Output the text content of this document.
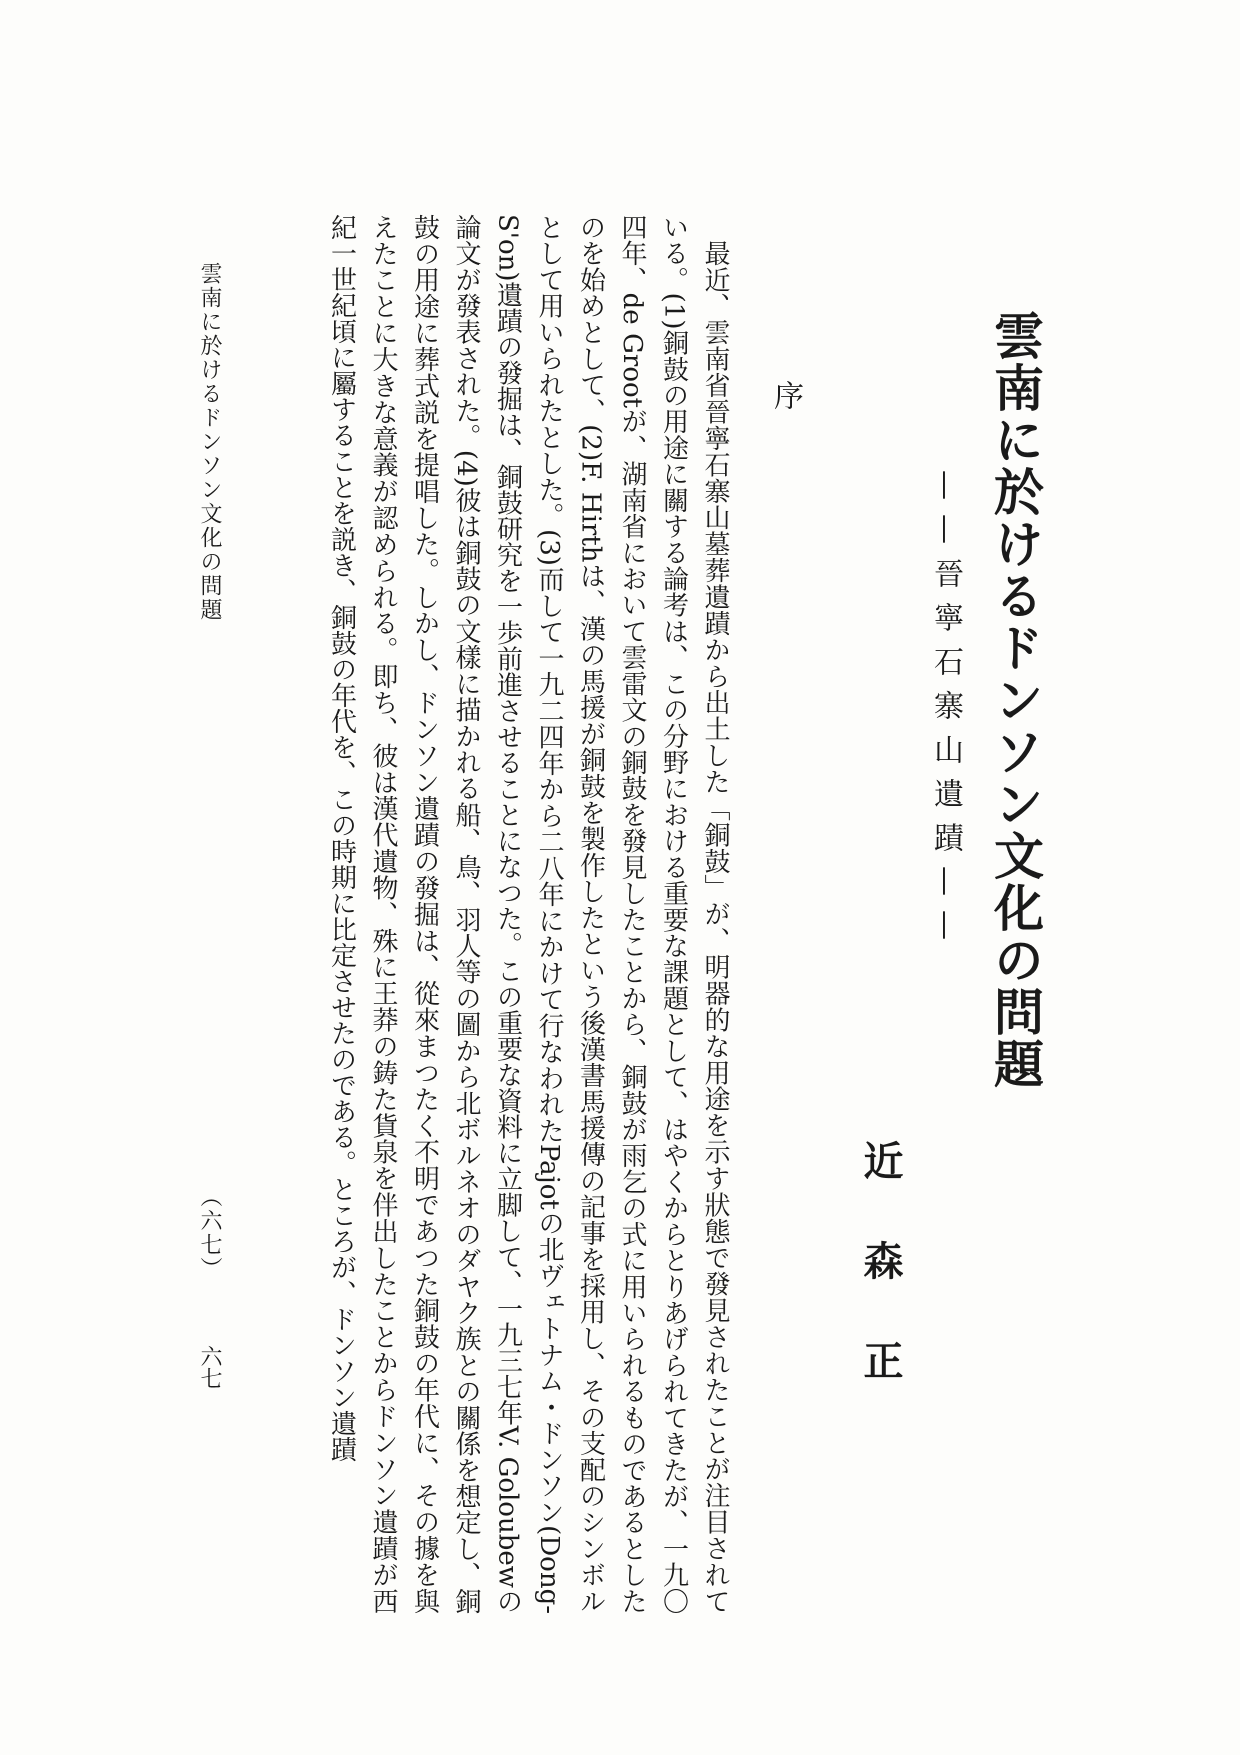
雲南に於けるドンソン文化の問題
——晉寧石寨山遺蹟——
近森正
序

最近、雲南省晉寧石寨山墓葬遺蹟から出土した「銅鼓」が、明器的な用途を示す狀態で發見されたことが注目されている。(1)銅鼓の用途に關する論考は、この分野における重要な課題として、はやくからとりあげられてきたが、一九〇四年、de Grootが、湖南省において雲雷文の銅鼓を發見したことから、銅鼓が雨乞の式に用いられるものであるとしたのを始めとして、(2)F. Hirthは、漢の馬援が銅鼓を製作したという後漢書馬援傳の記事を採用し、その支配のシンボルとして用いられたとした。(3)而して一九二四年から二八年にかけて行なわれたPajotの北ヴェトナム・ドンソン(Dong-S'on)遺蹟の發掘は、銅鼓研究を一歩前進させることになつた。この重要な資料に立脚して、一九三七年V. Goloubewの論文が發表された。(4)彼は銅鼓の文樣に描かれる船、鳥、羽人等の圖から北ボルネオのダヤク族との關係を想定し、銅鼓の用途に葬式説を提唱した。しかし、ドンソン遺蹟の發掘は、從來まつたく不明であつた銅鼓の年代に、その據を與えたことに大きな意義が認められる。即ち、彼は漢代遺物、殊に王莽の鋳た貨泉を伴出したことからドンソン遺蹟が西紀一世紀頃に屬することを説き、銅鼓の年代を、この時期に比定させたのである。ところが、ドンソン遺蹟

雲南に於けるドンソン文化の問題
（六七）
六七
